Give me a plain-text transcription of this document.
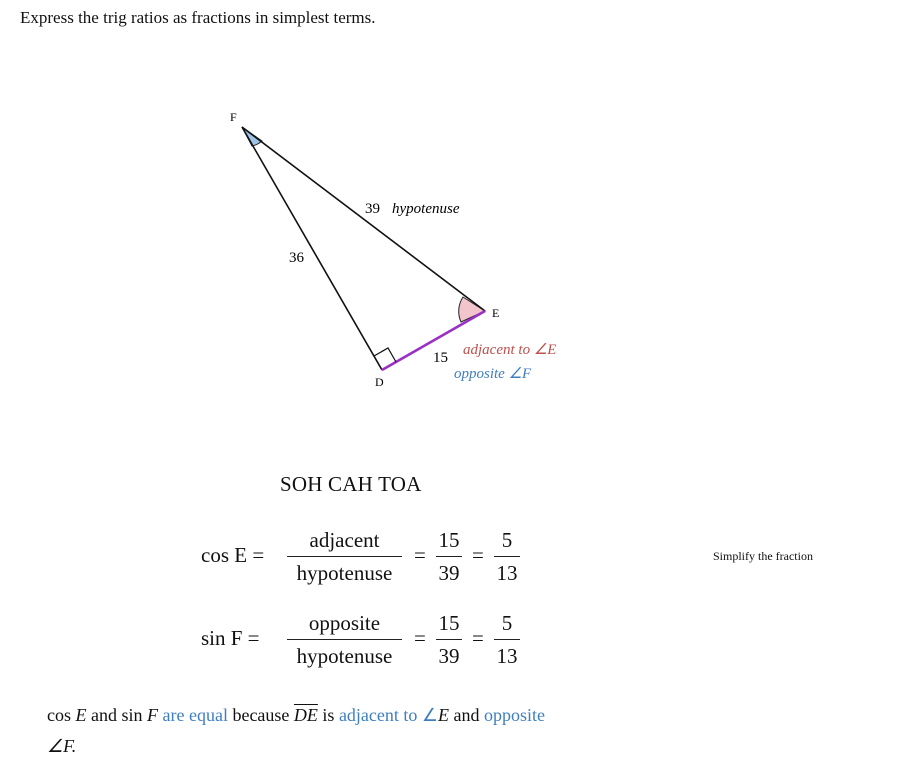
Express the trig ratios as fractions in simplest terms.
F
E
D
39 hypotenuse
36
15 adjacent to ∠E
opposite ∠F
SOH CAH TOA
cos E =
adjacent
hypotenuse
=
15
39
=
5
13
Simplify the fraction
sin F =
opposite
hypotenuse
=
15
39
=
5
13
cos E and sin F are equal because $\overline{DE}$ is adjacent to ∠E and opposite
∠F.
